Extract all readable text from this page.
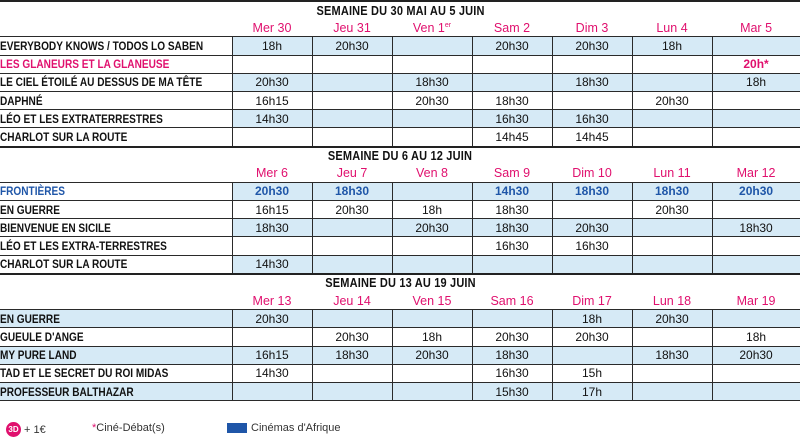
SEMAINE DU 30 MAI AU 5 JUIN							
	Mer 30	Jeu 31	Ven 1er	Sam 2	Dim 3	Lun 4	Mar 5
EVERYBODY KNOWS / TODOS LO SABEN	18h	20h30		20h30	20h30	18h	
LES GLANEURS ET LA GLANEUSE							20h*
LE CIEL ÉTOILÉ AU DESSUS DE MA TÊTE	20h30		18h30		18h30		18h
DAPHNÉ	16h15		20h30	18h30		20h30	
LÉO ET LES EXTRATERRESTRES	14h30			16h30	16h30		
CHARLOT SUR LA ROUTE				14h45	14h45		
SEMAINE DU 6 AU 12 JUIN							
	Mer 6	Jeu 7	Ven 8	Sam 9	Dim 10	Lun 11	Mar 12
FRONTIÈRES	20h30	18h30		14h30	18h30	18h30	20h30
EN GUERRE	16h15	20h30	18h	18h30		20h30	
BIENVENUE EN SICILE	18h30		20h30	18h30	20h30		18h30
LÉO ET LES EXTRA-TERRESTRES				16h30	16h30		
CHARLOT SUR LA ROUTE	14h30						
SEMAINE DU 13 AU 19 JUIN							
	Mer 13	Jeu 14	Ven 15	Sam 16	Dim 17	Lun 18	Mar 19
EN GUERRE	20h30				18h	20h30	
GUEULE D'ANGE		20h30	18h	20h30	20h30		18h
MY PURE LAND	16h15	18h30	20h30	18h30		18h30	20h30
TAD ET LE SECRET DU ROI MIDAS	14h30			16h30	15h		
PROFESSEUR BALTHAZAR				15h30	17h		
3D + 1€	* Ciné-Débat(s)	Cinémas d'Afrique
